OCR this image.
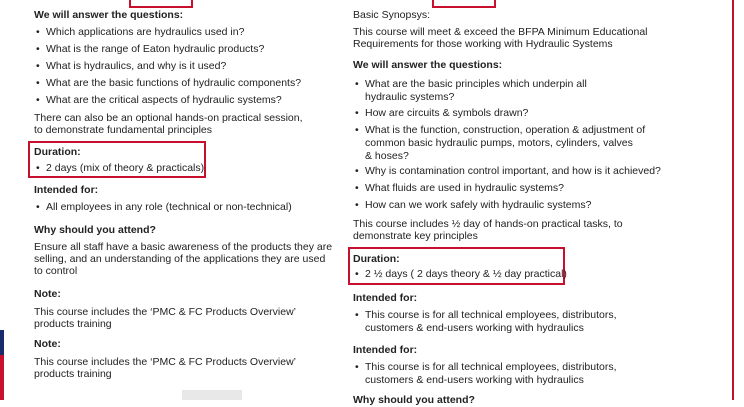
We will answer the questions:
• Which applications are hydraulics used in?
• What is the range of Eaton hydraulic products?
• What is hydraulics, and why is it used?
• What are the basic functions of hydraulic components?
• What are the critical aspects of hydraulic systems?
There can also be an optional hands-on practical session,
to demonstrate fundamental principles
Duration:
• 2 days (mix of theory & practicals)
Intended for:
• All employees in any role (technical or non-technical)
Why should you attend?
Ensure all staff have a basic awareness of the products they are
selling, and an understanding of the applications they are used
to control
Note:
This course includes the ‘PMC & FC Products Overview’
products training
Note:
This course includes the ‘PMC & FC Products Overview’
products training
Basic Synopsys:
This course will meet & exceed the BFPA Minimum Educational
Requirements for those working with Hydraulic Systems
We will answer the questions:
• What are the basic principles which underpin all
hydraulic systems?
• How are circuits & symbols drawn?
• What is the function, construction, operation & adjustment of
common basic hydraulic pumps, motors, cylinders, valves
& hoses?
• Why is contamination control important, and how is it achieved?
• What fluids are used in hydraulic systems?
• How can we work safely with hydraulic systems?
This course includes ½ day of hands-on practical tasks, to
demonstrate key principles
Duration:
• 2 ½ days ( 2 days theory & ½ day practical)
Intended for:
• This course is for all technical employees, distributors,
customers & end-users working with hydraulics
Intended for:
• This course is for all technical employees, distributors,
customers & end-users working with hydraulics
Why should you attend?
